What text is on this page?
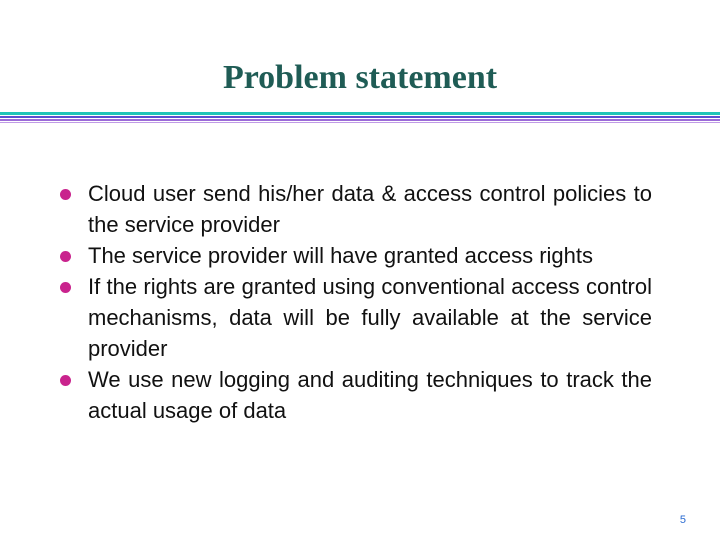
Problem statement
Cloud user send his/her data & access control policies to the service provider
The service provider will have granted access rights
If the rights are granted using conventional access control mechanisms, data will be fully available at the service provider
We use new logging and auditing techniques to track the actual usage of data
5
